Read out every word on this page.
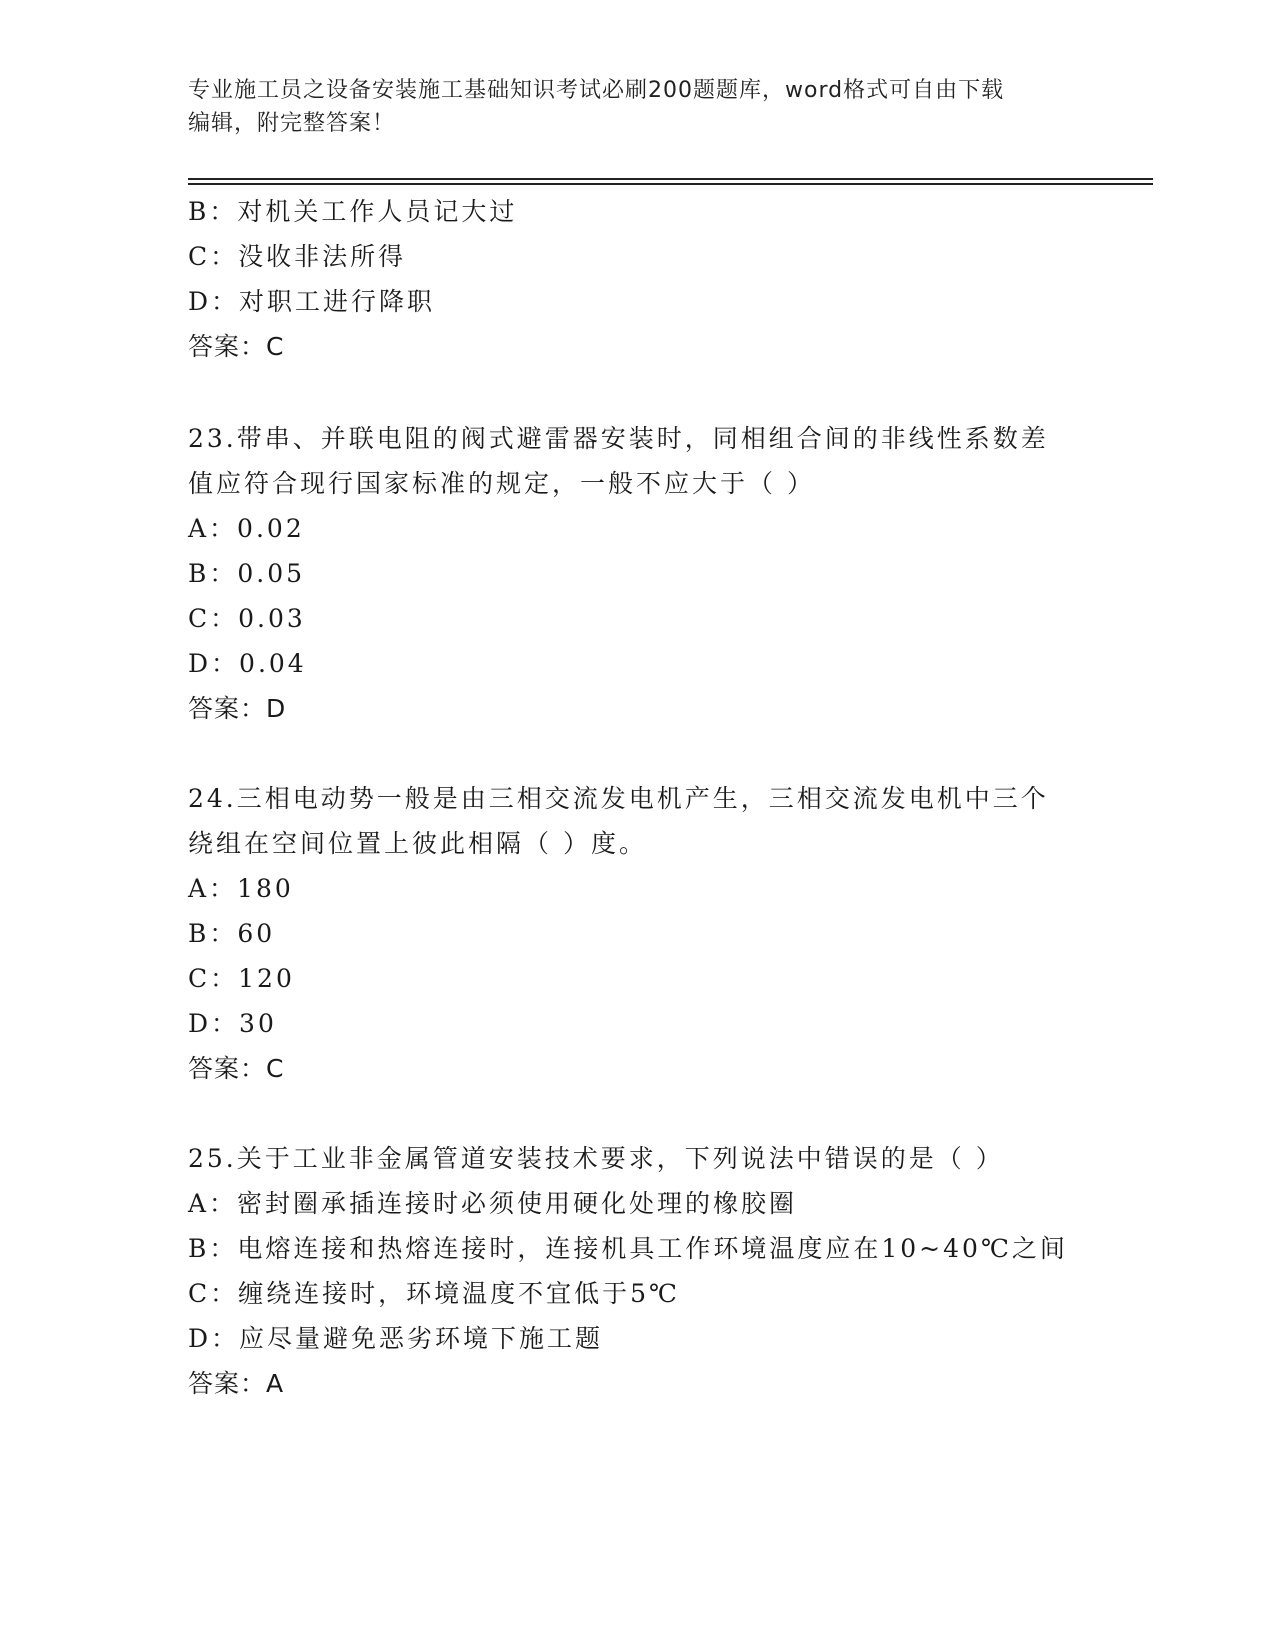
专业施工员之设备安装施工基础知识考试必刷200题题库，word格式可自由下载
编辑，附完整答案！
B：对机关工作人员记大过
C：没收非法所得
D：对职工进行降职
答案：C
23.带串、并联电阻的阀式避雷器安装时，同相组合间的非线性系数差
值应符合现行国家标准的规定，一般不应大于（ ）
A：0.02
B：0.05
C：0.03
D：0.04
答案：D
24.三相电动势一般是由三相交流发电机产生，三相交流发电机中三个
绕组在空间位置上彼此相隔（ ）度。
A：180
B：60
C：120
D：30
答案：C
25.关于工业非金属管道安装技术要求，下列说法中错误的是（ ）
A：密封圈承插连接时必须使用硬化处理的橡胶圈
B：电熔连接和热熔连接时，连接机具工作环境温度应在10~40℃之间
C：缠绕连接时，环境温度不宜低于5℃
D：应尽量避免恶劣环境下施工题
答案：A
